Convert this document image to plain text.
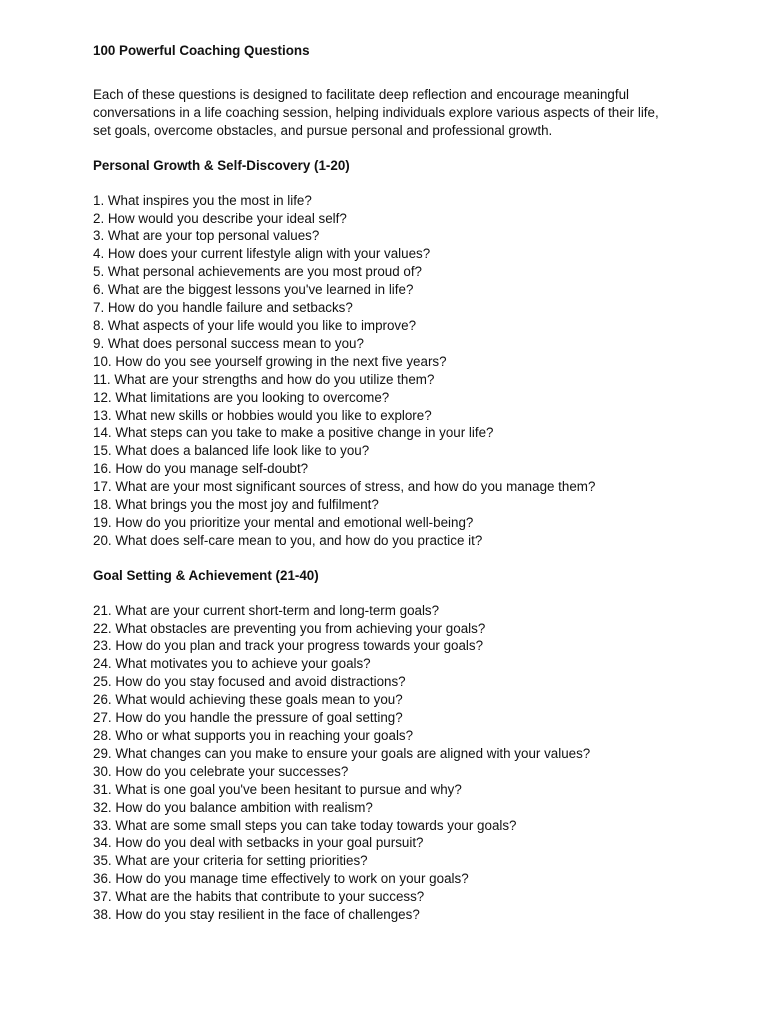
100 Powerful Coaching Questions

Each of these questions is designed to facilitate deep reflection and encourage meaningful conversations in a life coaching session, helping individuals explore various aspects of their life, set goals, overcome obstacles, and pursue personal and professional growth.

Personal Growth & Self-Discovery (1-20)
1. What inspires you the most in life?
2. How would you describe your ideal self?
3. What are your top personal values?
4. How does your current lifestyle align with your values?
5. What personal achievements are you most proud of?
6. What are the biggest lessons you've learned in life?
7. How do you handle failure and setbacks?
8. What aspects of your life would you like to improve?
9. What does personal success mean to you?
10. How do you see yourself growing in the next five years?
11. What are your strengths and how do you utilize them?
12. What limitations are you looking to overcome?
13. What new skills or hobbies would you like to explore?
14. What steps can you take to make a positive change in your life?
15. What does a balanced life look like to you?
16. How do you manage self-doubt?
17. What are your most significant sources of stress, and how do you manage them?
18. What brings you the most joy and fulfilment?
19. How do you prioritize your mental and emotional well-being?
20. What does self-care mean to you, and how do you practice it?
Goal Setting & Achievement (21-40)
21. What are your current short-term and long-term goals?
22. What obstacles are preventing you from achieving your goals?
23. How do you plan and track your progress towards your goals?
24. What motivates you to achieve your goals?
25. How do you stay focused and avoid distractions?
26. What would achieving these goals mean to you?
27. How do you handle the pressure of goal setting?
28. Who or what supports you in reaching your goals?
29. What changes can you make to ensure your goals are aligned with your values?
30. How do you celebrate your successes?
31. What is one goal you've been hesitant to pursue and why?
32. How do you balance ambition with realism?
33. What are some small steps you can take today towards your goals?
34. How do you deal with setbacks in your goal pursuit?
35. What are your criteria for setting priorities?
36. How do you manage time effectively to work on your goals?
37. What are the habits that contribute to your success?
38. How do you stay resilient in the face of challenges?
